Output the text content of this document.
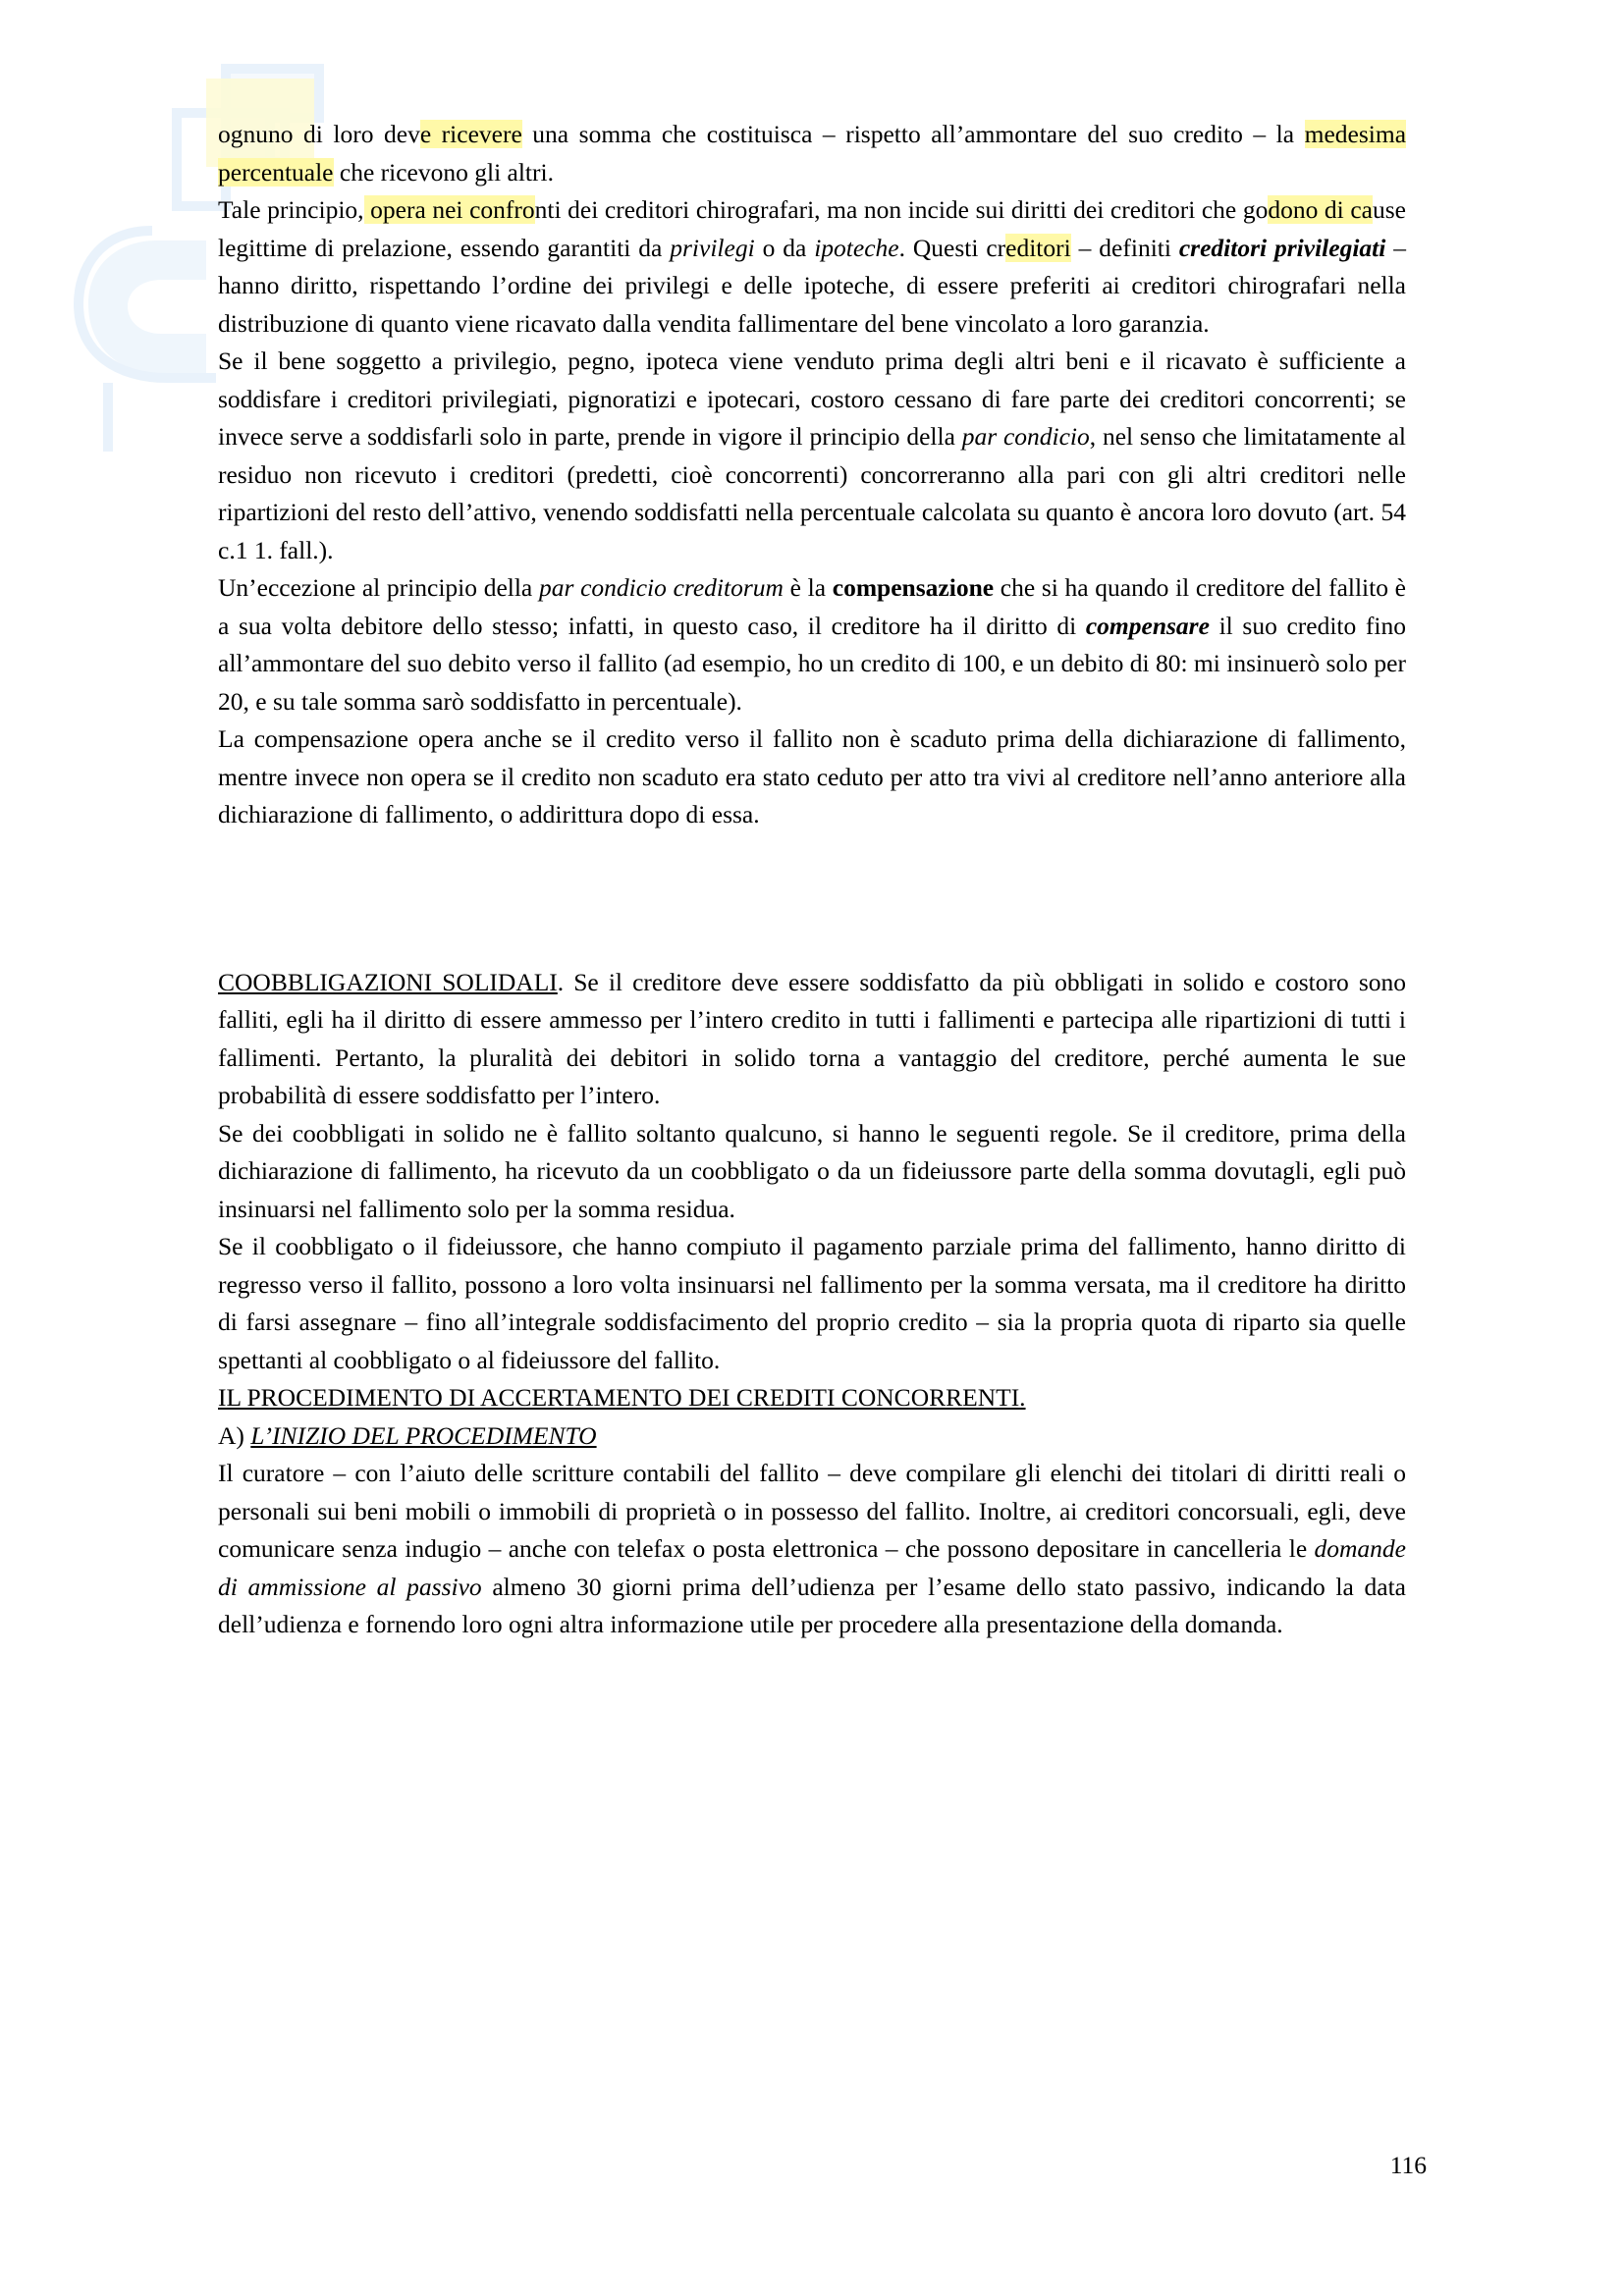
ognuno di loro deve ricevere una somma che costituisca – rispetto all’ammontare del suo credito – la medesima percentuale che ricevono gli altri.

Tale principio, opera nei confronti dei creditori chirografari, ma non incide sui diritti dei creditori che godono di cause legittime di prelazione, essendo garantiti da privilegi o da ipoteche. Questi creditori – definiti creditori privilegiati – hanno diritto, rispettando l’ordine dei privilegi e delle ipoteche, di essere preferiti ai creditori chirografari nella distribuzione di quanto viene ricavato dalla vendita fallimentare del bene vincolato a loro garanzia.

Se il bene soggetto a privilegio, pegno, ipoteca viene venduto prima degli altri beni e il ricavato è sufficiente a soddisfare i creditori privilegiati, pignoratizi e ipotecari, costoro cessano di fare parte dei creditori concorrenti; se invece serve a soddisfarli solo in parte, prende in vigore il principio della par condicio, nel senso che limitatamente al residuo non ricevuto i creditori (predetti, cioè concorrenti) concorreranno alla pari con gli altri creditori nelle ripartizioni del resto dell’attivo, venendo soddisfatti nella percentuale calcolata su quanto è ancora loro dovuto (art. 54 c.1 1. fall.).

Un’eccezione al principio della par condicio creditorum è la compensazione che si ha quando il creditore del fallito è a sua volta debitore dello stesso; infatti, in questo caso, il creditore ha il diritto di compensare il suo credito fino all’ammontare del suo debito verso il fallito (ad esempio, ho un credito di 100, e un debito di 80: mi insinuerò solo per 20, e su tale somma sarò soddisfatto in percentuale).

La compensazione opera anche se il credito verso il fallito non è scaduto prima della dichiarazione di fallimento, mentre invece non opera se il credito non scaduto era stato ceduto per atto tra vivi al creditore nell’anno anteriore alla dichiarazione di fallimento, o addirittura dopo di essa.

COOBBLIGAZIONI SOLIDALI. Se il creditore deve essere soddisfatto da più obbligati in solido e costoro sono falliti, egli ha il diritto di essere ammesso per l’intero credito in tutti i fallimenti e partecipa alle ripartizioni di tutti i fallimenti. Pertanto, la pluralità dei debitori in solido torna a vantaggio del creditore, perché aumenta le sue probabilità di essere soddisfatto per l’intero.

Se dei coobbligati in solido ne è fallito soltanto qualcuno, si hanno le seguenti regole. Se il creditore, prima della dichiarazione di fallimento, ha ricevuto da un coobbligato o da un fideiussore parte della somma dovutagli, egli può insinuarsi nel fallimento solo per la somma residua.

Se il coobbligato o il fideiussore, che hanno compiuto il pagamento parziale prima del fallimento, hanno diritto di regresso verso il fallito, possono a loro volta insinuarsi nel fallimento per la somma versata, ma il creditore ha diritto di farsi assegnare – fino all’integrale soddisfacimento del proprio credito – sia la propria quota di riparto sia quelle spettanti al coobbligato o al fideiussore del fallito.

IL PROCEDIMENTO DI ACCERTAMENTO DEI CREDITI CONCORRENTI.

A) L’INIZIO DEL PROCEDIMENTO

Il curatore – con l’aiuto delle scritture contabili del fallito – deve compilare gli elenchi dei titolari di diritti reali o personali sui beni mobili o immobili di proprietà o in possesso del fallito. Inoltre, ai creditori concorsuali, egli, deve comunicare senza indugio – anche con telefax o posta elettronica – che possono depositare in cancelleria le domande di ammissione al passivo almeno 30 giorni prima dell’udienza per l’esame dello stato passivo, indicando la data dell’udienza e fornendo loro ogni altra informazione utile per procedere alla presentazione della domanda.

116
